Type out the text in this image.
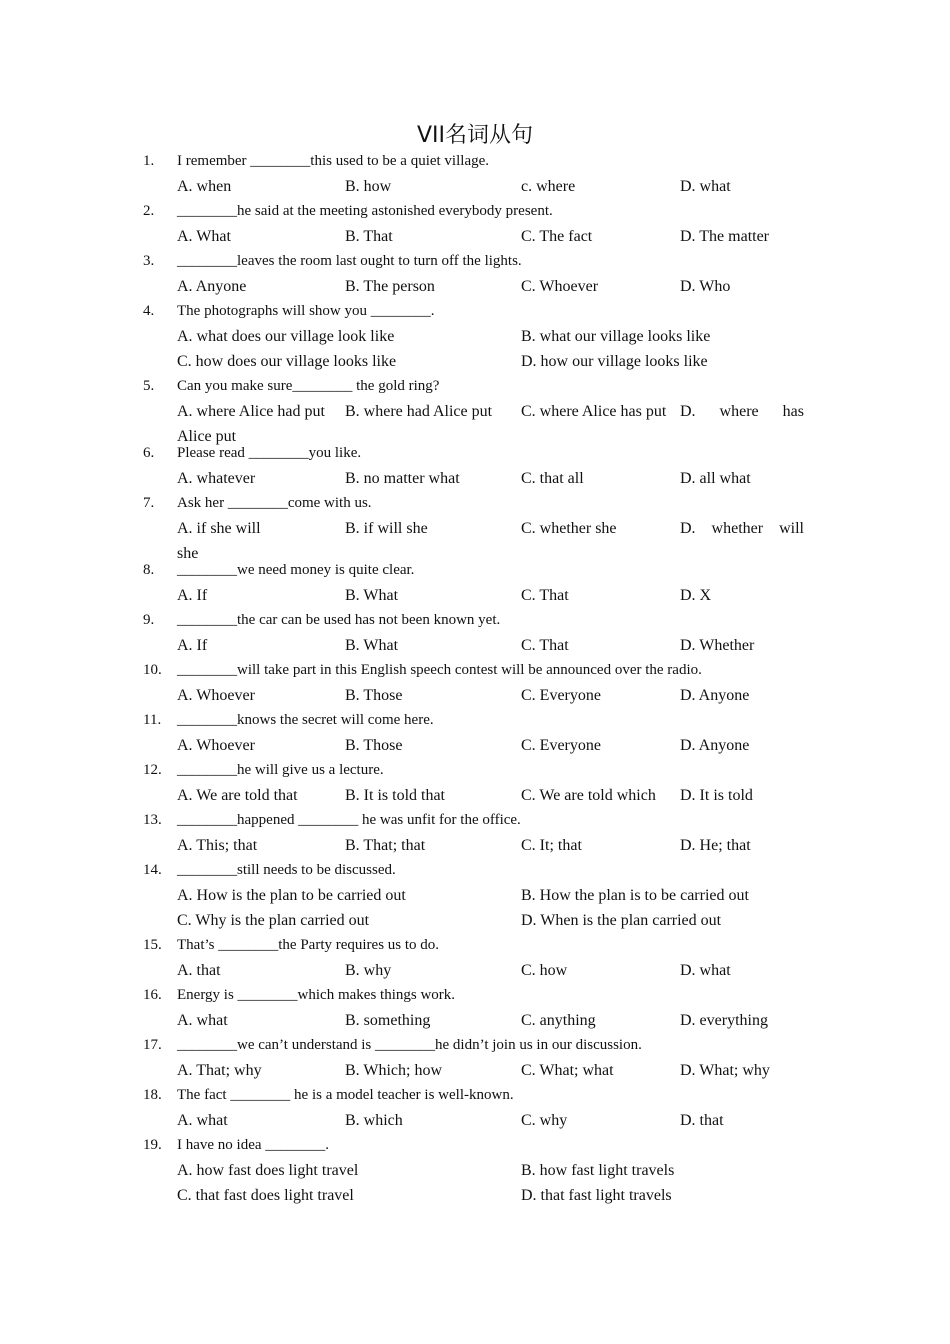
VII名词从句
1. I remember ________this used to be a quiet village.
A. when	B. how	c. where	D. what
2. ________he said at the meeting astonished everybody present.
A. What	B. That	C. The fact	D. The matter
3. ________leaves the room last ought to turn off the lights.
A. Anyone	B. The person	C. Whoever	D. Who
4. The photographs will show you ________.
A. what does our village look like	B. what our village looks like
C. how does our village looks like	D. how our village looks like
5. Can you make sure________ the gold ring?
A. where Alice had put B. where had Alice put C. where Alice has put D.      where      has
Alice put
6. Please read ________you like.
A. whatever	B. no matter what	C. that all	D. all what
7. Ask her ________come with us.
A. if she will	B. if will she	C. whether she	D.    whether    will
she
8. ________we need money is quite clear.
A. If	B. What	C. That	D. X
9. ________the car can be used has not been known yet.
A. If	B. What	C. That	D. Whether
10. ________will take part in this English speech contest will be announced over the radio.
A. Whoever	B. Those	C. Everyone	D. Anyone
11. ________knows the secret will come here.
A. Whoever	B. Those	C. Everyone	D. Anyone
12. ________he will give us a lecture.
A. We are told that	B. It is told that	C. We are told which D. It is told
13. ________happened ________ he was unfit for the office.
A. This; that	B. That; that	C. It; that	D. He; that
14. ________still needs to be discussed.
A. How is the plan to be carried out	B. How the plan is to be carried out
C. Why is the plan carried out	D. When is the plan carried out
15. That’s ________the Party requires us to do.
A. that	B. why	C. how	D. what
16. Energy is ________which makes things work.
A. what	B. something	C. anything	D. everything
17. ________we can’t understand is ________he didn’t join us in our discussion.
A. That; why	B. Which; how	C. What; what	D. What; why
18. The fact ________ he is a model teacher is well-known.
A. what	B. which	C. why	D. that
19. I have no idea ________.
A. how fast does light travel	B. how fast light travels
C. that fast does light travel	D. that fast light travels
